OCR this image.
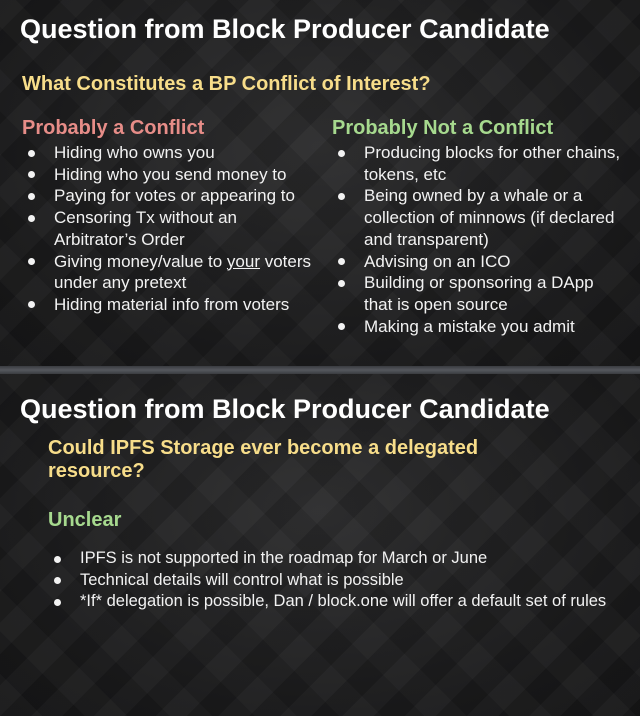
Question from Block Producer Candidate
What Constitutes a BP Conflict of Interest?
Probably a Conflict
Hiding who owns you
Hiding who you send money to
Paying for votes or appearing to
Censoring Tx without an Arbitrator’s Order
Giving money/value to your voters under any pretext
Hiding material info from voters
Probably Not a Conflict
Producing blocks for other chains, tokens, etc
Being owned by a whale or a collection of minnows (if declared and transparent)
Advising on an ICO
Building or sponsoring a DApp that is open source
Making a mistake you admit
Question from Block Producer Candidate
Could IPFS Storage ever become a delegated resource?
Unclear
IPFS is not supported in the roadmap for March or June
Technical details will control what is possible
*If* delegation is possible, Dan / block.one will offer a default set of rules
